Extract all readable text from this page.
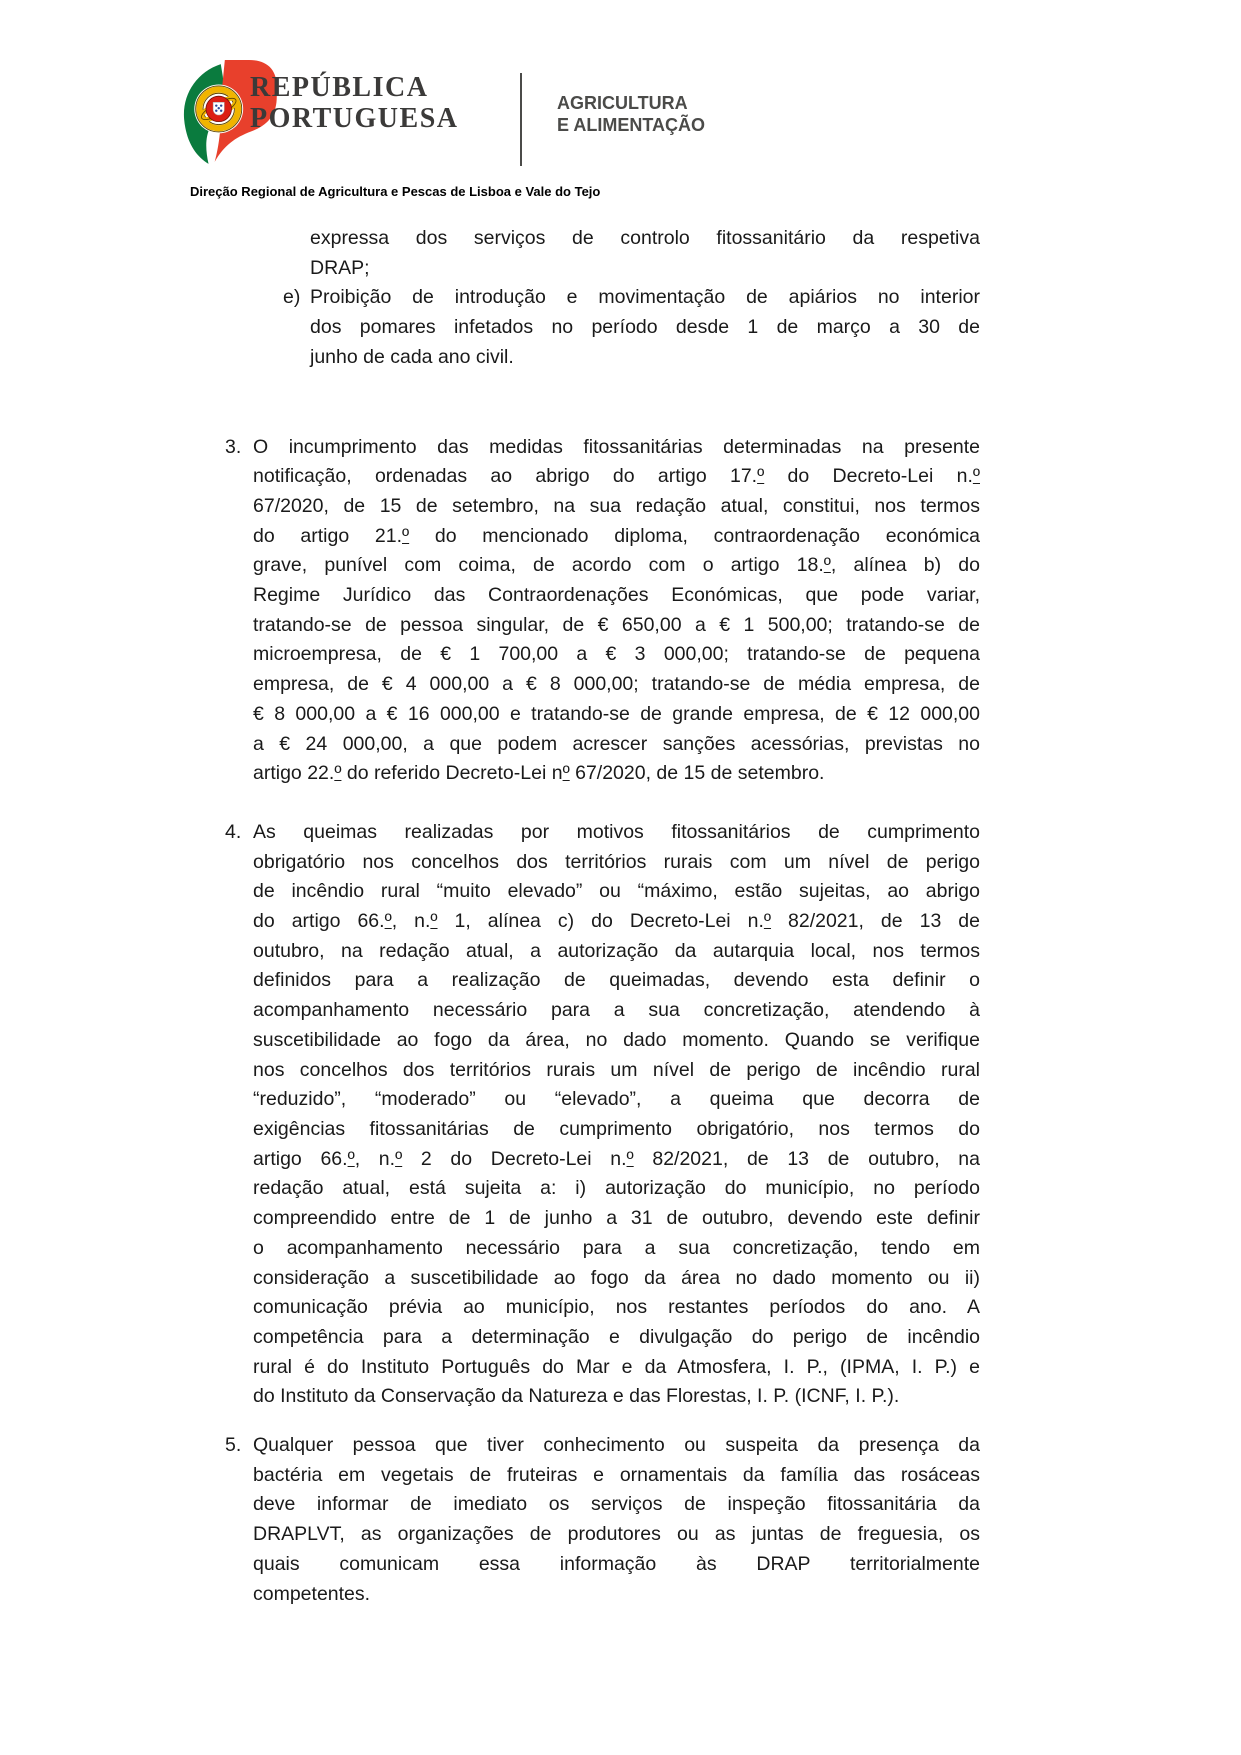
REPÚBLICA
PORTUGUESA	AGRICULTURA
E ALIMENTAÇÃO
Direção Regional de Agricultura e Pescas de Lisboa e Vale do Tejo
expressa dos serviços de controlo fitossanitário da respetiva
DRAP;
e) Proibição de introdução e movimentação de apiários no interior
dos pomares infetados no período desde 1 de março a 30 de
junho de cada ano civil.
3. O incumprimento das medidas fitossanitárias determinadas na presente
notificação, ordenadas ao abrigo do artigo 17.º do Decreto-Lei n.º
67/2020, de 15 de setembro, na sua redação atual, constitui, nos termos
do artigo 21.º do mencionado diploma, contraordenação económica
grave, punível com coima, de acordo com o artigo 18.º, alínea b) do
Regime Jurídico das Contraordenações Económicas, que pode variar,
tratando-se de pessoa singular, de € 650,00 a € 1 500,00; tratando-se de
microempresa, de € 1 700,00 a € 3 000,00; tratando-se de pequena
empresa, de € 4 000,00 a € 8 000,00; tratando-se de média empresa, de
€ 8 000,00 a € 16 000,00 e tratando-se de grande empresa, de € 12 000,00
a € 24 000,00, a que podem acrescer sanções acessórias, previstas no
artigo 22.º do referido Decreto-Lei nº 67/2020, de 15 de setembro.
4. As queimas realizadas por motivos fitossanitários de cumprimento
obrigatório nos concelhos dos territórios rurais com um nível de perigo
de incêndio rural “muito elevado” ou “máximo, estão sujeitas, ao abrigo
do artigo 66.º, n.º 1, alínea c) do Decreto-Lei n.º 82/2021, de 13 de
outubro, na redação atual, a autorização da autarquia local, nos termos
definidos para a realização de queimadas, devendo esta definir o
acompanhamento necessário para a sua concretização, atendendo à
suscetibilidade ao fogo da área, no dado momento. Quando se verifique
nos concelhos dos territórios rurais um nível de perigo de incêndio rural
“reduzido”, “moderado” ou “elevado”, a queima que decorra de
exigências fitossanitárias de cumprimento obrigatório, nos termos do
artigo 66.º, n.º 2 do Decreto-Lei n.º 82/2021, de 13 de outubro, na
redação atual, está sujeita a: i) autorização do município, no período
compreendido entre de 1 de junho a 31 de outubro, devendo este definir
o acompanhamento necessário para a sua concretização, tendo em
consideração a suscetibilidade ao fogo da área no dado momento ou ii)
comunicação prévia ao município, nos restantes períodos do ano. A
competência para a determinação e divulgação do perigo de incêndio
rural é do Instituto Português do Mar e da Atmosfera, I. P., (IPMA, I. P.) e
do Instituto da Conservação da Natureza e das Florestas, I. P. (ICNF, I. P.).
5. Qualquer pessoa que tiver conhecimento ou suspeita da presença da
bactéria em vegetais de fruteiras e ornamentais da família das rosáceas
deve informar de imediato os serviços de inspeção fitossanitária da
DRAPLVT, as organizações de produtores ou as juntas de freguesia, os
quais comunicam essa informação às DRAP territorialmente
competentes.
